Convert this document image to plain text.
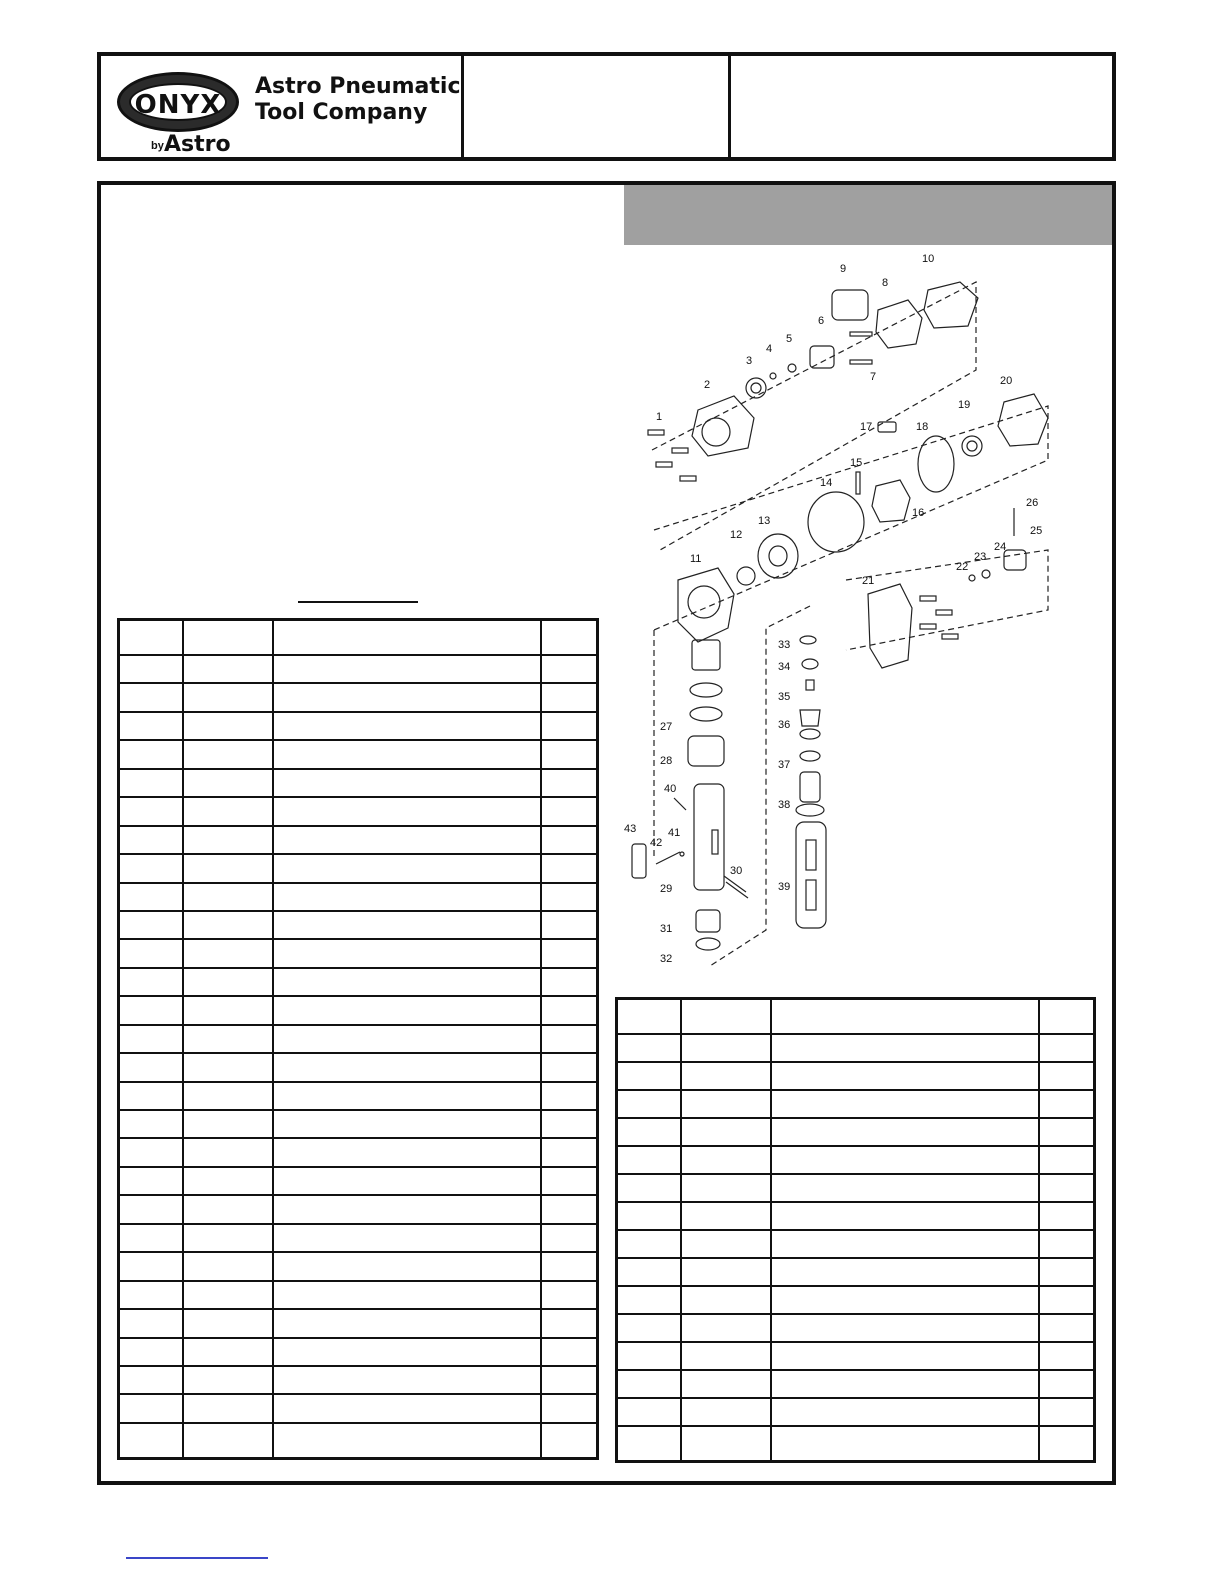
ONYX
by Astro
Astro Pneumatic
Tool Company

1
2
3
4
5
6
7
8
9
10
11
12
13
14
15
16
17	18
19
20
21
22
23
24
25
26
27
28
29
30
31
32
33
34
35
36
37
38
39
40
41
42
43
